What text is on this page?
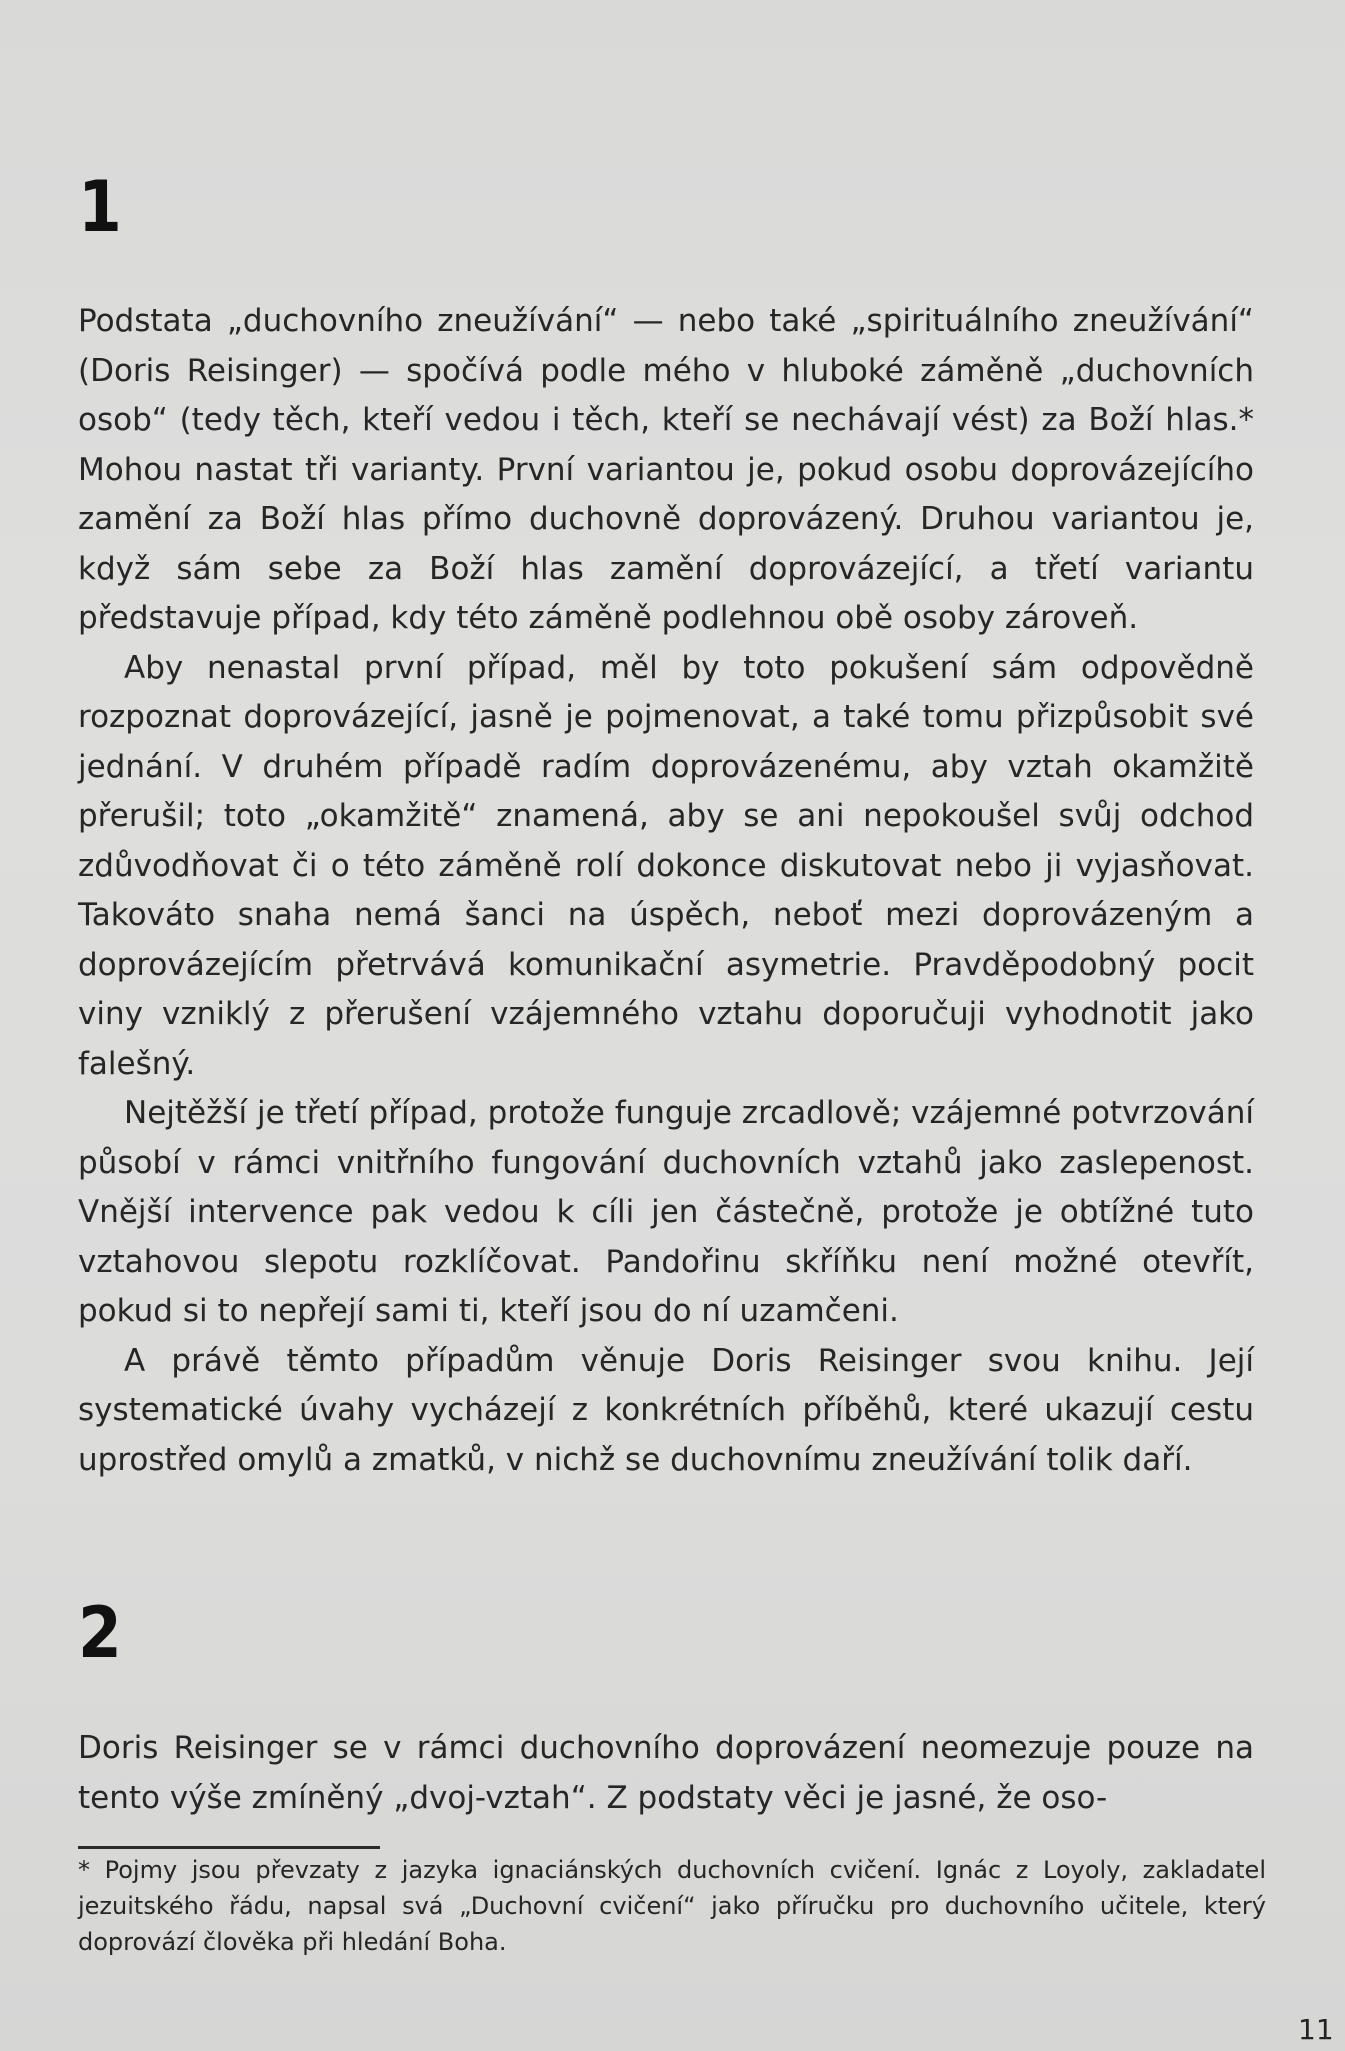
1

Podstata „duchovního zneužívání“ — nebo také „spirituálního zneužívání“ (Doris Reisinger) — spočívá podle mého v hluboké záměně „duchovních osob“ (tedy těch, kteří vedou i těch, kteří se nechávají vést) za Boží hlas.* Mohou nastat tři varianty. První variantou je, pokud osobu doprovázejícího zamění za Boží hlas přímo duchovně doprovázený. Druhou variantou je, když sám sebe za Boží hlas zamění doprovázející, a třetí variantu představuje případ, kdy této záměně podlehnou obě osoby zároveň.

Aby nenastal první případ, měl by toto pokušení sám odpovědně rozpoznat doprovázející, jasně je pojmenovat, a také tomu přizpůsobit své jednání. V druhém případě radím doprovázenému, aby vztah okamžitě přerušil; toto „okamžitě“ znamená, aby se ani nepokoušel svůj odchod zdůvodňovat či o této záměně rolí dokonce diskutovat nebo ji vyjasňovat. Takováto snaha nemá šanci na úspěch, neboť mezi doprovázeným a doprovázejícím přetrvává komunikační asymetrie. Pravděpodobný pocit viny vzniklý z přerušení vzájemného vztahu doporučuji vyhodnotit jako falešný.

Nejtěžší je třetí případ, protože funguje zrcadlově; vzájemné potvrzování působí v rámci vnitřního fungování duchovních vztahů jako zaslepenost. Vnější intervence pak vedou k cíli jen částečně, protože je obtížné tuto vztahovou slepotu rozklíčovat. Pandořinu skříňku není možné otevřít, pokud si to nepřejí sami ti, kteří jsou do ní uzamčeni.

A právě těmto případům věnuje Doris Reisinger svou knihu. Její systematické úvahy vycházejí z konkrétních příběhů, které ukazují cestu uprostřed omylů a zmatků, v nichž se duchovnímu zneužívání tolik daří.

2

Doris Reisinger se v rámci duchovního doprovázení neomezuje pouze na tento výše zmíněný „dvoj-vztah“. Z podstaty věci je jasné, že oso-

* Pojmy jsou převzaty z jazyka ignaciánských duchovních cvičení. Ignác z Loyoly, zakladatel jezuitského řádu, napsal svá „Duchovní cvičení“ jako příručku pro duchovního učitele, který doprovází člověka při hledání Boha.

11
